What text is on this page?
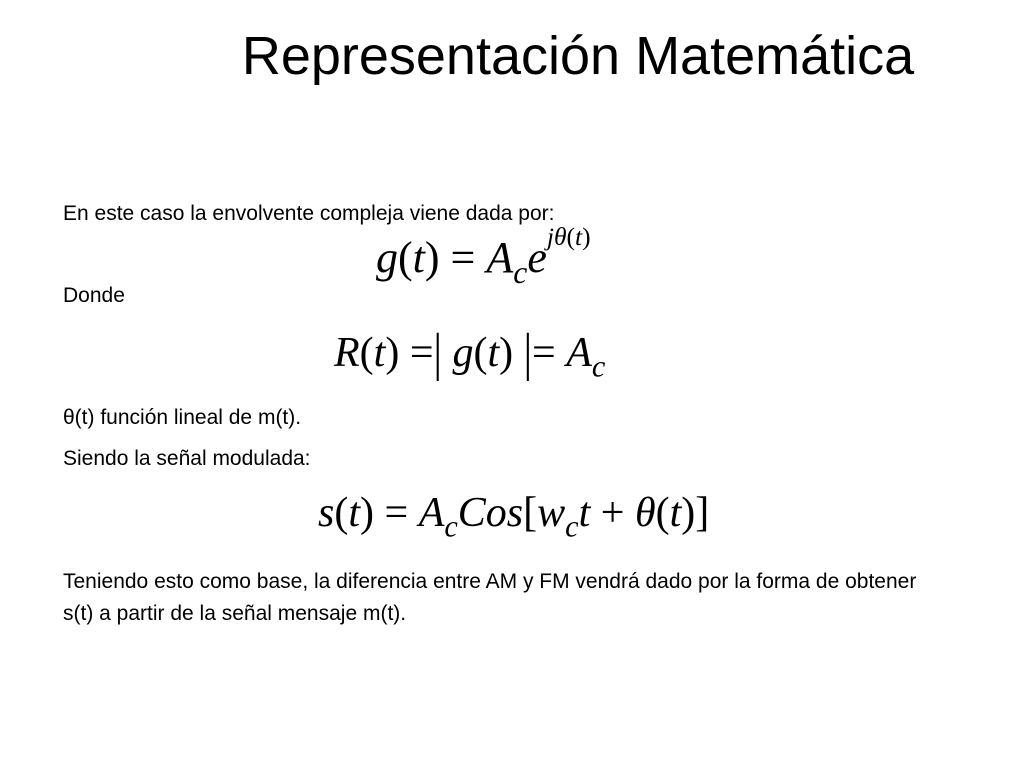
Representación Matemática
En este caso la envolvente compleja viene dada por:
$g(t) = A_ce^{j\theta(t)}$
Donde
R(t) =| g(t) |= $A_c$
θ(t) función lineal de m(t).
Siendo la señal modulada:
$s(t) = A_cCos[w_ct + \theta(t)]$
Teniendo esto como base, la diferencia entre AM y FM vendrá dado por la forma de obtener s(t) a partir de la señal mensaje m(t).
